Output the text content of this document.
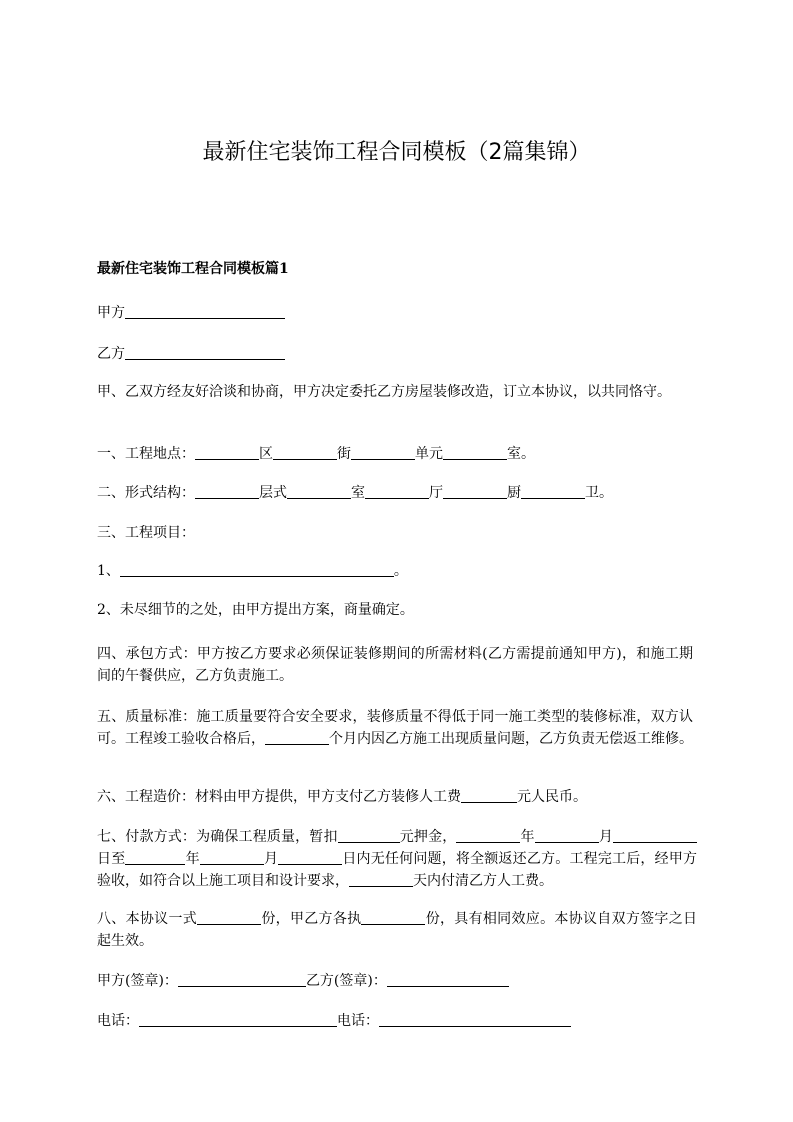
最新住宅装饰工程合同模板（2篇集锦）
最新住宅装饰工程合同模板篇1
甲方
乙方
甲、乙双方经友好洽谈和协商，甲方决定委托乙方房屋装修改造，订立本协议，以共同恪守。
一、工程地点：	区	街	单元	室。
二、形式结构：	层式	室	厅	厨	卫。
三、工程项目：
1、	。
2、未尽细节的之处，由甲方提出方案，商量确定。
四、承包方式：甲方按乙方要求必须保证装修期间的所需材料(乙方需提前通知甲方)，和施工期间的午餐供应，乙方负责施工。
五、质量标准：施工质量要符合安全要求，装修质量不得低于同一施工类型的装修标准，双方认可。工程竣工验收合格后，	个月内因乙方施工出现质量问题，乙方负责无偿返工维修。
六、工程造价：材料由甲方提供，甲方支付乙方装修人工费	元人民币。
七、付款方式：为确保工程质量，暂扣	元押金，	年	月日至	年	月	日内无任何问题，将全额返还乙方。工程完工后，经甲方验收，如符合以上施工项目和设计要求，	天内付清乙方人工费。
八、本协议一式	份，甲乙方各执	份，具有相同效应。本协议自双方签字之日起生效。
甲方(签章)：	乙方(签章)：
电话：	电话：
